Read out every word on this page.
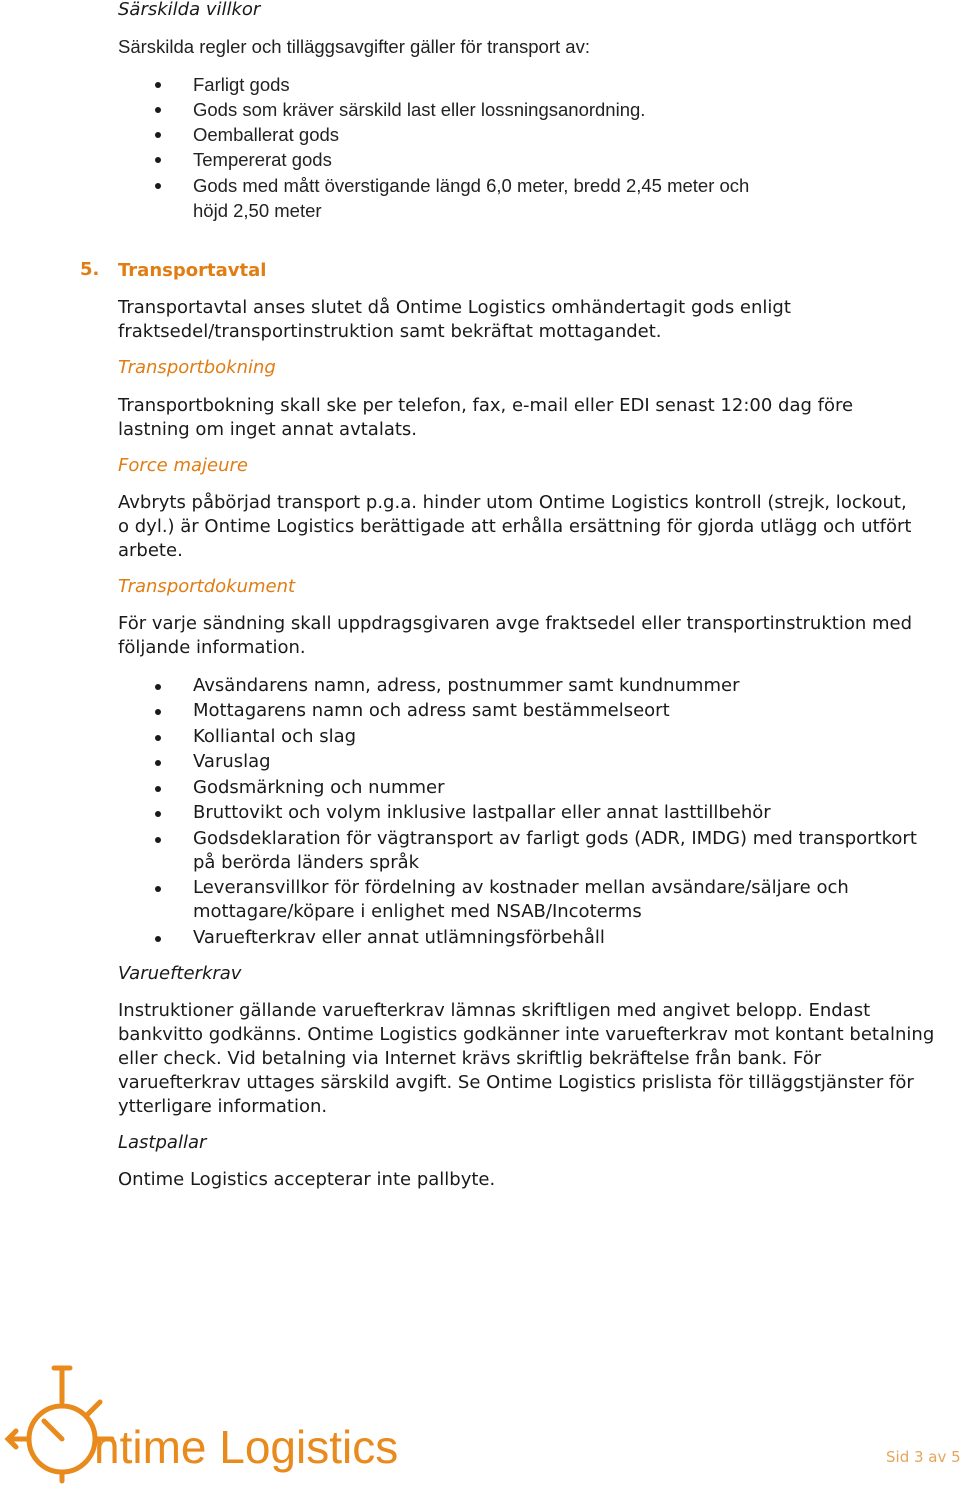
Särskilda villkor

Särskilda regler och tilläggsavgifter gäller för transport av:

Farligt gods

Gods som kräver särskild last eller lossningsanordning.

Oemballerat gods

Tempererat gods

Gods med mått överstigande längd 6,0 meter, bredd 2,45 meter och

höjd 2,50 meter

5. Transportavtal

Transportavtal anses slutet då Ontime Logistics omhändertagit gods enligt

fraktsedel/transportinstruktion samt bekräftat mottagandet.

Transportbokning

Transportbokning skall ske per telefon, fax, e-mail eller EDI senast 12:00 dag före

lastning om inget annat avtalats.

Force majeure

Avbryts påbörjad transport p.g.a. hinder utom Ontime Logistics kontroll (strejk, lockout,

o dyl.) är Ontime Logistics berättigade att erhålla ersättning för gjorda utlägg och utfört

arbete.

Transportdokument

För varje sändning skall uppdragsgivaren avge fraktsedel eller transportinstruktion med

följande information.

Avsändarens namn, adress, postnummer samt kundnummer

Mottagarens namn och adress samt bestämmelseort

Kolliantal och slag

Varuslag

Godsmärkning och nummer

Bruttovikt och volym inklusive lastpallar eller annat lasttillbehör

Godsdeklaration för vägtransport av farligt gods (ADR, IMDG) med transportkort

på berörda länders språk

Leveransvillkor för fördelning av kostnader mellan avsändare/säljare och

mottagare/köpare i enlighet med NSAB/Incoterms

Varuefterkrav eller annat utlämningsförbehåll

Varuefterkrav

Instruktioner gällande varuefterkrav lämnas skriftligen med angivet belopp. Endast

bankvitto godkänns. Ontime Logistics godkänner inte varuefterkrav mot kontant betalning

eller check. Vid betalning via Internet krävs skriftlig bekräftelse från bank. För

varuefterkrav uttages särskild avgift. Se Ontime Logistics prislista för tilläggstjänster för

ytterligare information.

Lastpallar

Ontime Logistics accepterar inte pallbyte.

ntime Logistics	Sid 3 av 5
